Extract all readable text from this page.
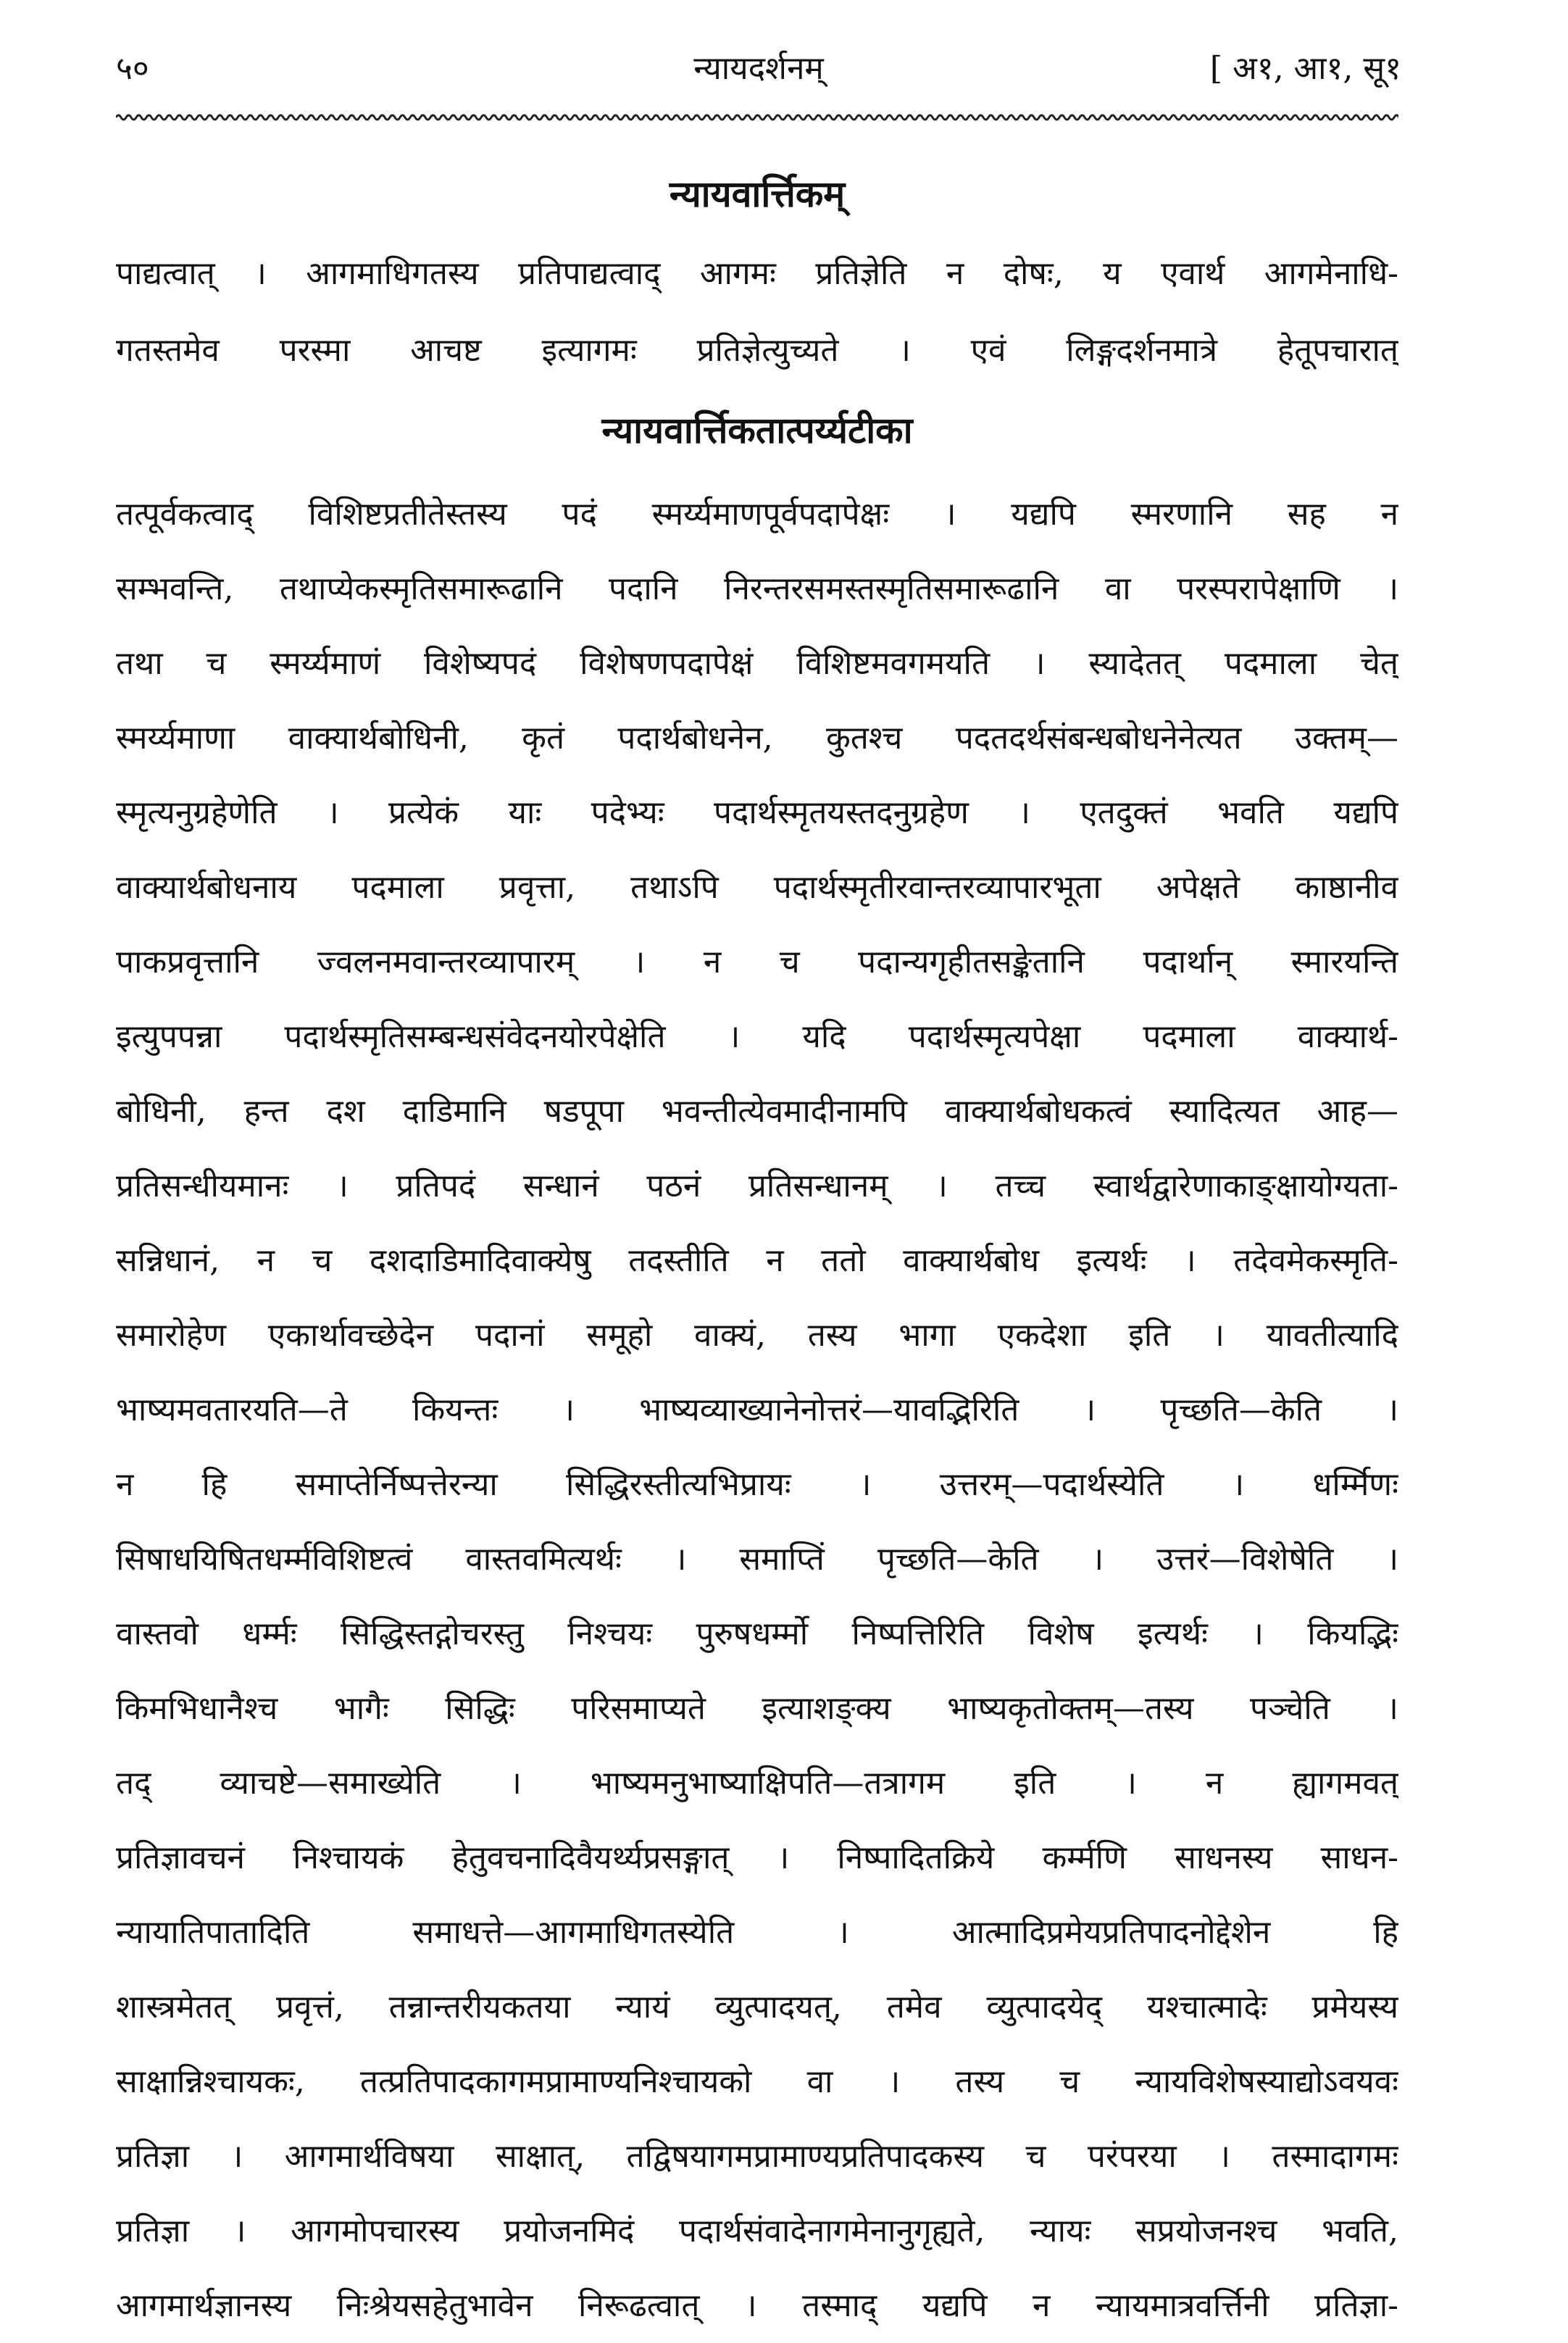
५०	न्यायदर्शनम्	[ अ१, आ१, सू१
न्यायवार्त्तिकम्
पाद्यत्वात् । आगमाधिगतस्य प्रतिपाद्यत्वाद् आगमः प्रतिज्ञेति न दोषः, य एवार्थ आगमेनाधि-
गतस्तमेव परस्मा आचष्ट इत्यागमः प्रतिज्ञेत्युच्यते । एवं लिङ्गदर्शनमात्रे हेतूपचारात्
न्यायवार्त्तिकतात्पर्य्यटीका
तत्पूर्वकत्वाद् विशिष्टप्रतीतेस्तस्य पदं स्मर्य्यमाणपूर्वपदापेक्षः । यद्यपि स्मरणानि सह न
सम्भवन्ति, तथाप्येकस्मृतिसमारूढानि पदानि निरन्तरसमस्तस्मृतिसमारूढानि वा परस्परापेक्षाणि ।
तथा च स्मर्य्यमाणं विशेष्यपदं विशेषणपदापेक्षं विशिष्टमवगमयति । स्यादेतत् पदमाला चेत्
स्मर्य्यमाणा वाक्यार्थबोधिनी, कृतं पदार्थबोधनेन, कुतश्च पदतदर्थसंबन्धबोधनेनेत्यत उक्तम्—
स्मृत्यनुग्रहेणेति । प्रत्येकं याः पदेभ्यः पदार्थस्मृतयस्तदनुग्रहेण । एतदुक्तं भवति यद्यपि
वाक्यार्थबोधनाय पदमाला प्रवृत्ता, तथाऽपि पदार्थस्मृतीरवान्तरव्यापारभूता अपेक्षते काष्ठानीव
पाकप्रवृत्तानि ज्वलनमवान्तरव्यापारम् । न च पदान्यगृहीतसङ्केतानि पदार्थान् स्मारयन्ति
इत्युपपन्ना पदार्थस्मृतिसम्बन्धसंवेदनयोरपेक्षेति । यदि पदार्थस्मृत्यपेक्षा पदमाला वाक्यार्थ-
बोधिनी, हन्त दश दाडिमानि षडपूपा भवन्तीत्येवमादीनामपि वाक्यार्थबोधकत्वं स्यादित्यत आह—
प्रतिसन्धीयमानः । प्रतिपदं सन्धानं पठनं प्रतिसन्धानम् । तच्च स्वार्थद्वारेणाकाङ्क्षायोग्यता-
सन्निधानं, न च दशदाडिमादिवाक्येषु तदस्तीति न ततो वाक्यार्थबोध इत्यर्थः । तदेवमेकस्मृति-
समारोहेण एकार्थावच्छेदेन पदानां समूहो वाक्यं, तस्य भागा एकदेशा इति । यावतीत्यादि
भाष्यमवतारयति—ते कियन्तः । भाष्यव्याख्यानेनोत्तरं—यावद्भिरिति । पृच्छति—केति ।
न हि समाप्तेर्निष्पत्तेरन्या सिद्धिरस्तीत्यभिप्रायः । उत्तरम्—पदार्थस्येति । धर्म्मिणः
सिषाधयिषितधर्म्मविशिष्टत्वं वास्तवमित्यर्थः । समाप्तिं पृच्छति—केति । उत्तरं—विशेषेति ।
वास्तवो धर्म्मः सिद्धिस्तद्गोचरस्तु निश्चयः पुरुषधर्म्मो निष्पत्तिरिति विशेष इत्यर्थः । कियद्भिः
किमभिधानैश्च भागैः सिद्धिः परिसमाप्यते इत्याशङ्क्य भाष्यकृतोक्तम्—तस्य पञ्चेति ।
तद् व्याचष्टे—समाख्येति । भाष्यमनुभाष्याक्षिपति—तत्रागम इति । न ह्यागमवत्
प्रतिज्ञावचनं निश्चायकं हेतुवचनादिवैयर्थ्यप्रसङ्गात् । निष्पादितक्रिये कर्म्मणि साधनस्य साधन-
न्यायातिपातादिति समाधत्ते—आगमाधिगतस्येति । आत्मादिप्रमेयप्रतिपादनोद्देशेन हि
शास्त्रमेतत् प्रवृत्तं, तन्नान्तरीयकतया न्यायं व्युत्पादयत्, तमेव व्युत्पादयेद् यश्चात्मादेः प्रमेयस्य
साक्षान्निश्चायकः, तत्प्रतिपादकागमप्रामाण्यनिश्चायको वा । तस्य च न्यायविशेषस्याद्योऽवयवः
प्रतिज्ञा । आगमार्थविषया साक्षात्, तद्विषयागमप्रामाण्यप्रतिपादकस्य च परंपरया । तस्मादागमः
प्रतिज्ञा । आगमोपचारस्य प्रयोजनमिदं पदार्थसंवादेनागमेनानुगृह्यते, न्यायः सप्रयोजनश्च भवति,
आगमार्थज्ञानस्य निःश्रेयसहेतुभावेन निरूढत्वात् । तस्माद् यद्यपि न न्यायमात्रवर्त्तिनी प्रतिज्ञा-
